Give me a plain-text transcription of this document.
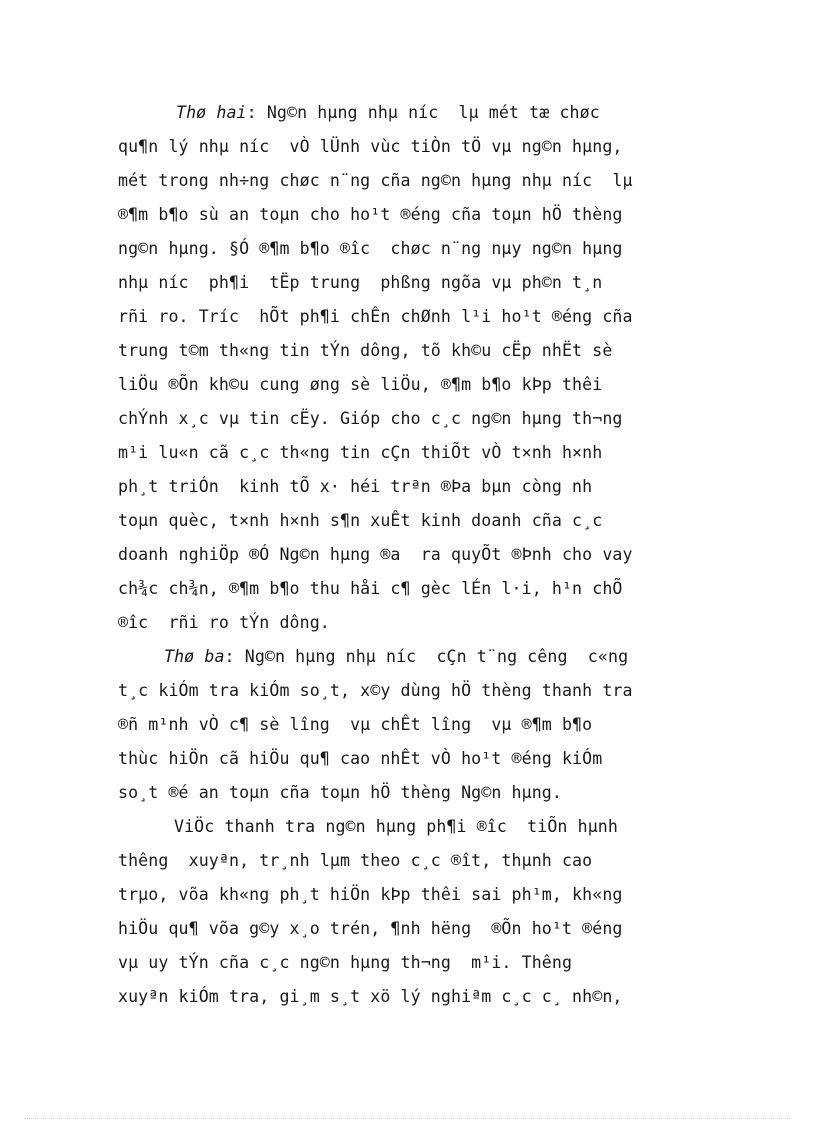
Thø hai: Ng©n hµng nhµ níc  lµ mét tæ chøc
qu¶n lý nhµ níc  vÒ lÜnh vùc tiÒn tÖ vµ ng©n hµng,
mét trong nh÷ng chøc n¨ng cña ng©n hµng nhµ níc  lµ
®¶m b¶o sù an toµn cho ho¹t ®éng cña toµn hÖ thèng
ng©n hµng. §Ó ®¶m b¶o ®îc  chøc n¨ng nµy ng©n hµng
nhµ níc  ph¶i  tËp trung  phßng ngõa vµ ph©n t¸n
rñi ro. Tríc  hÕt ph¶i chÊn chØnh l¹i ho¹t ®éng cña
trung t©m th«ng tin tÝn dông, tõ kh©u cËp nhËt sè
liÖu ®Õn kh©u cung øng sè liÖu, ®¶m b¶o kÞp thêi
chÝnh x¸c vµ tin cËy. Gióp cho c¸c ng©n hµng th¬ng
m¹i lu«n cã c¸c th«ng tin cÇn thiÕt vÒ t×nh h×nh
ph¸t triÓn  kinh tÕ x· héi trªn ®Þa bµn còng nh
toµn quèc, t×nh h×nh s¶n xuÊt kinh doanh cña c¸c
doanh nghiÖp ®Ó Ng©n hµng ®a  ra quyÕt ®Þnh cho vay
ch¾c ch¾n, ®¶m b¶o thu håi c¶ gèc lÉn l·i, h¹n chÕ
®îc  rñi ro tÝn dông.
Thø ba: Ng©n hµng nhµ níc  cÇn t¨ng cêng  c«ng
t¸c kiÓm tra kiÓm so¸t, x©y dùng hÖ thèng thanh tra
®ñ m¹nh vÒ c¶ sè lîng  vµ chÊt lîng  vµ ®¶m b¶o
thùc hiÖn cã hiÖu qu¶ cao nhÊt vÒ ho¹t ®éng kiÓm
so¸t ®é an toµn cña toµn hÖ thèng Ng©n hµng.
ViÖc thanh tra ng©n hµng ph¶i ®îc  tiÕn hµnh
thêng  xuyªn, tr¸nh lµm theo c¸c ®ît, thµnh cao
trµo, võa kh«ng ph¸t hiÖn kÞp thêi sai ph¹m, kh«ng
hiÖu qu¶ võa g©y x¸o trén, ¶nh hëng  ®Õn ho¹t ®éng
vµ uy tÝn cña c¸c ng©n hµng th¬ng  m¹i. Thêng
xuyªn kiÓm tra, gi¸m s¸t xö lý nghiªm c¸c c¸ nh©n,
